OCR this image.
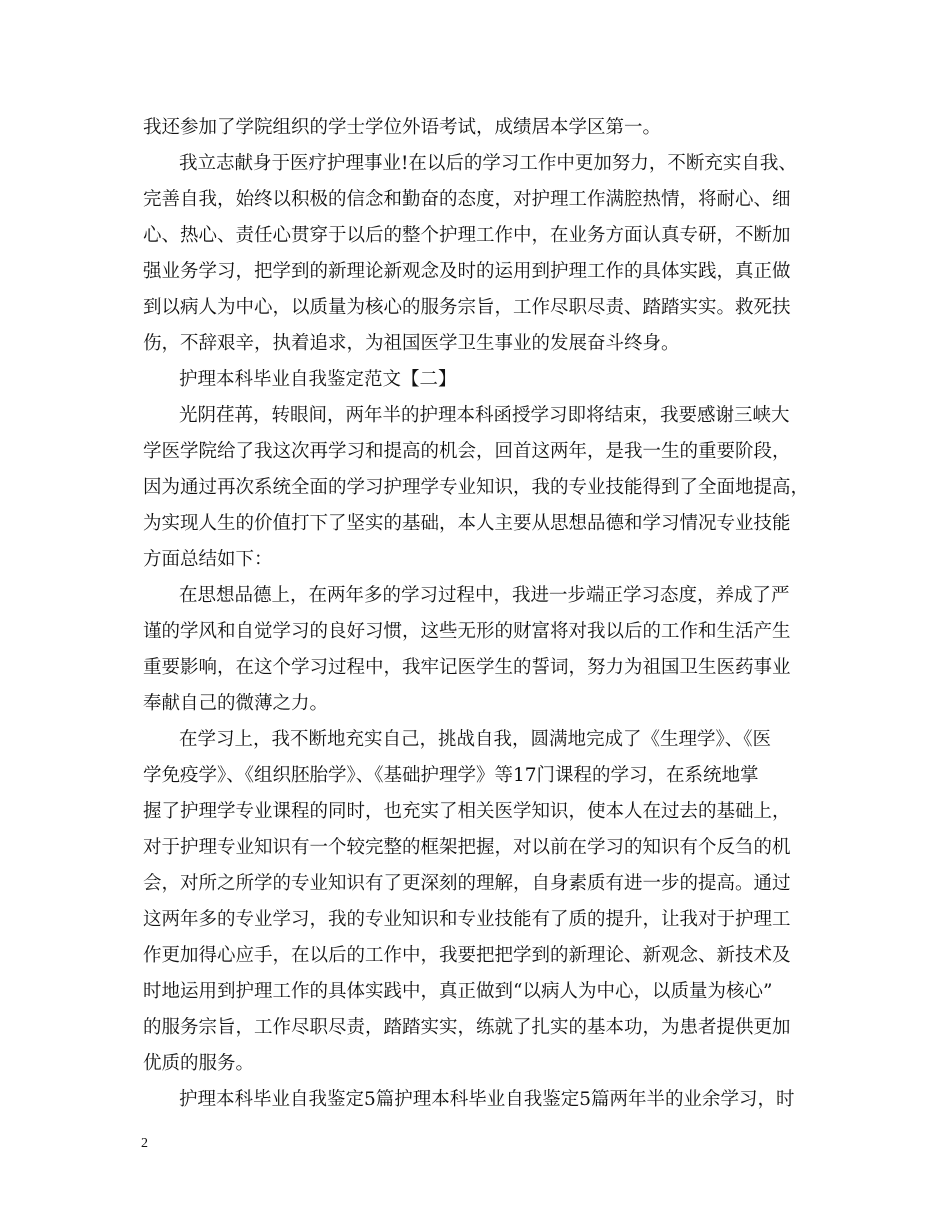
我还参加了学院组织的学士学位外语考试，成绩居本学区第一。
我立志献身于医疗护理事业!在以后的学习工作中更加努力，不断充实自我、
完善自我，始终以积极的信念和勤奋的态度，对护理工作满腔热情，将耐心、细
心、热心、责任心贯穿于以后的整个护理工作中，在业务方面认真专研，不断加
强业务学习，把学到的新理论新观念及时的运用到护理工作的具体实践，真正做
到以病人为中心，以质量为核心的服务宗旨，工作尽职尽责、踏踏实实。救死扶
伤，不辞艰辛，执着追求，为祖国医学卫生事业的发展奋斗终身。
护理本科毕业自我鉴定范文【二】
光阴荏苒，转眼间，两年半的护理本科函授学习即将结束，我要感谢三峡大
学医学院给了我这次再学习和提高的机会，回首这两年，是我一生的重要阶段，
因为通过再次系统全面的学习护理学专业知识，我的专业技能得到了全面地提高，
为实现人生的价值打下了坚实的基础，本人主要从思想品德和学习情况专业技能
方面总结如下：
在思想品德上，在两年多的学习过程中，我进一步端正学习态度，养成了严
谨的学风和自觉学习的良好习惯，这些无形的财富将对我以后的工作和生活产生
重要影响，在这个学习过程中，我牢记医学生的誓词，努力为祖国卫生医药事业
奉献自己的微薄之力。
在学习上，我不断地充实自己，挑战自我，圆满地完成了《生理学》、《医
学免疫学》、《组织胚胎学》、《基础护理学》等17门课程的学习，在系统地掌
握了护理学专业课程的同时，也充实了相关医学知识，使本人在过去的基础上，
对于护理专业知识有一个较完整的框架把握，对以前在学习的知识有个反刍的机
会，对所之所学的专业知识有了更深刻的理解，自身素质有进一步的提高。通过
这两年多的专业学习，我的专业知识和专业技能有了质的提升，让我对于护理工
作更加得心应手，在以后的工作中，我要把把学到的新理论、新观念、新技术及
时地运用到护理工作的具体实践中，真正做到“以病人为中心，以质量为核心”
的服务宗旨，工作尽职尽责，踏踏实实，练就了扎实的基本功，为患者提供更加
优质的服务。
护理本科毕业自我鉴定5篇护理本科毕业自我鉴定5篇两年半的业余学习，时
2
